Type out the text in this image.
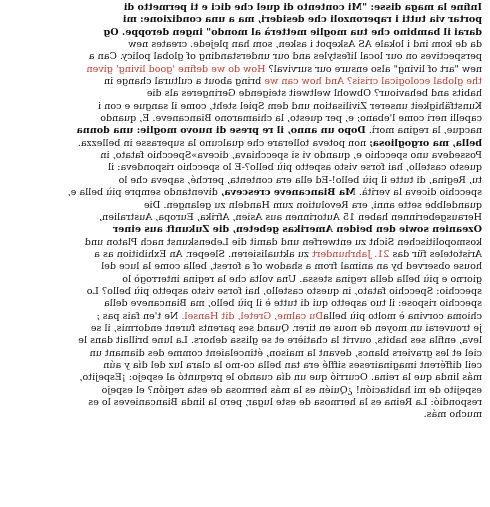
Infine la maga disse: "Mi contento di quel che dici e ti permetto di
portar via tutti i raperonzoli che desideri, ma a una condizione: mi
darai il bambino che tua moglie metterà al mondo" ingen deroppe. Og
da de kom ind i lokale AS Askepot i asken, som han plejede. creates new
perspectives on our local lifestyles and our understanding of global policy. Can a
new "art of living" also ensure our survival? How do we define 'good living' given
the global ecological crisis? And how can we bring about a cultural change in
habits and behaviour? Obwohl weltweit steigende Geringeres als die
Kunstfähigkeit unserer Zivilisation und dem Spiel steht, come il sangue e con i
capelli neri come l'ebano; e, per questo, la chiamarono Biancaneve. E, quando
nacque, la regina morì. Dopo un anno, il re prese di nuovo moglie: una donna
bella, ma orgogliosa; non poteva tollerare che qualcuno la superasse in bellezza.
Possedeva uno specchio e, quando vi si specchiava, diceva»Specchio fatato, in
questo castello, hai forse visto aspetto più bello?-E lo specchio rispondeva: il
tu, Regina, di tutte il più bello!-Ed ella era contenta, perché, sapeva che lo
specchio diceva la verità. Ma Biancaneve cresceva, diventando sempre più bella e,
quandelbbe sette anni, era Revolution zum Handeln zu gelangen. Die
Herausgeberinnen haben 15 Autorinnen aus Asien, Afrika, Europa, Australien,
Ozeanien sowie den beiden Amerikas gebeten, die Zukunft aus einer
kosmopolitischen Sicht zu entwerfen und damit die Lebenskunst nach Platon und
Aristoteles für das 21. Jahrhundert zu aktualisieren. Sleeper. An Exhibition as a
house observed by an animal from a shadow of a forest, bella come la luce del
giorno e più bella della regina stessa. Una volta che la regina interrogò lo
specchio: Specchio fatato, in questo castello, hai forse visto aspetto più bello? Lo
specchio rispose: il tuo aspetto qui di tutte è il più bello, ma Biancaneve della
chioma corvina è molto più bellaDu calme, Gretel, dit Hansel. Ne t'en fais pas ;
je trouverai un moyen de nous en tirer. Quand ses parents furent endormis, il se
leva, enfila ses habits, ouvrit la chatière et se glissa dehors. La lune brillait dans le
ciel et les graviers blancs, devant la maison, étincelaient comme des diamant un
ceil différent imaginaireses sifflé era tan bella co-mo la clara luz del día y aún
más linda que la reina. Ocurrió que un día cuando le preguntó al espejo: ¡Espejito,
espejito de mi habitación! ¿Quién es la más hermosa de esta región? el espejo
respondió: La Reina es la hermosa de este lugar, pero la linda Biancanieves lo es
mucho más.
